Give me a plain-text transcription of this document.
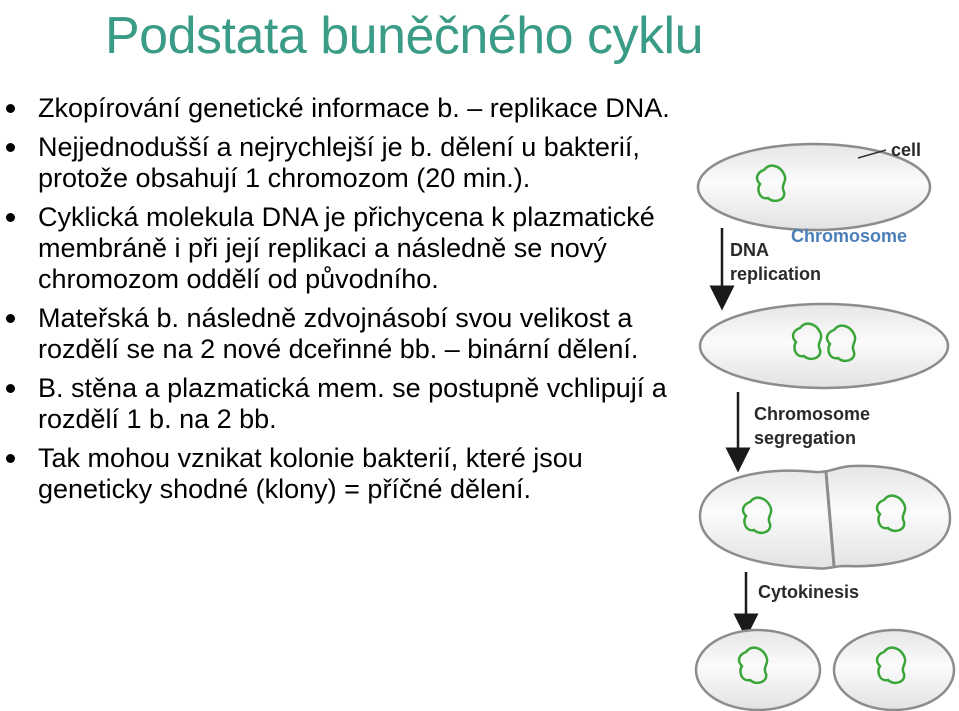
Podstata buněčného cyklu
Zkopírování genetické informace b. – replikace DNA.
Nejjednodušší a nejrychlejší je b. dělení u bakterií, protože obsahují 1 chromozom (20 min.).
Cyklická molekula DNA je přichycena k plazmatické membráně i při její replikaci a následně se nový chromozom oddělí od původního.
Mateřská b. následně zdvojnásobí svou velikost a rozdělí se na 2 nové dceřinné bb. – binární dělení.
B. stěna a plazmatická mem. se postupně vchlipují a rozdělí 1 b. na 2 bb.
Tak mohou vznikat kolonie bakterií, které jsou geneticky shodné (klony) = příčné dělení.
cell
DNA
replication
Chromosome
Chromosome
segregation
Cytokinesis
